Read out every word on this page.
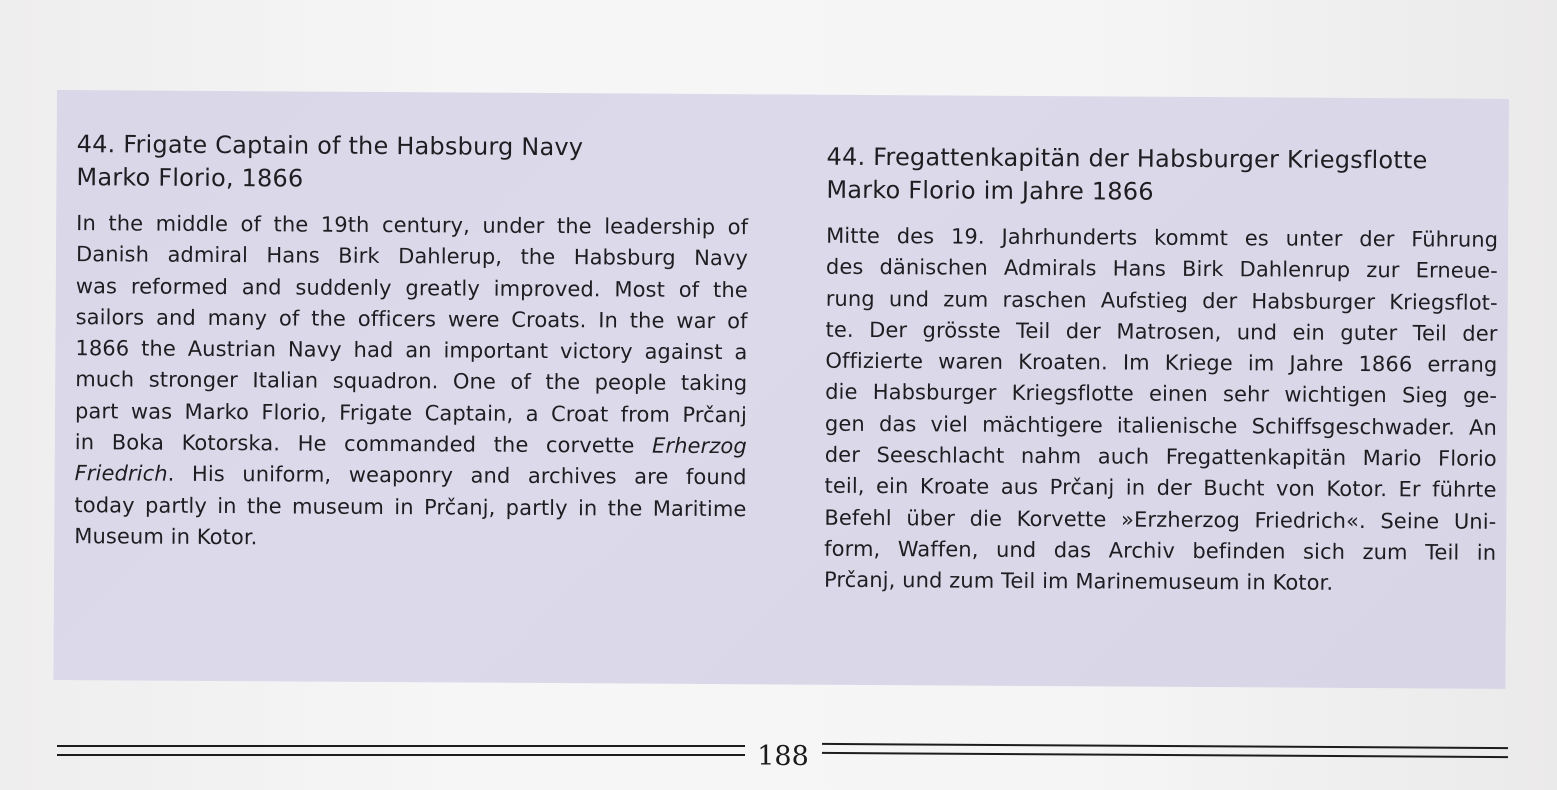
44. Frigate Captain of the Habsburg Navy
Marko Florio, 1866

In the middle of the 19th century, under the leadership of
Danish admiral Hans Birk Dahlerup, the Habsburg Navy
was reformed and suddenly greatly improved. Most of the
sailors and many of the officers were Croats. In the war of
1866 the Austrian Navy had an important victory against a
much stronger Italian squadron. One of the people taking
part was Marko Florio, Frigate Captain, a Croat from Prčanj
in Boka Kotorska. He commanded the corvette Erherzog
Friedrich. His uniform, weaponry and archives are found
today partly in the museum in Prčanj, partly in the Maritime
Museum in Kotor.

44. Fregattenkapitän der Habsburger Kriegsflotte
Marko Florio im Jahre 1866

Mitte des 19. Jahrhunderts kommt es unter der Führung
des dänischen Admirals Hans Birk Dahlenrup zur Erneue-
rung und zum raschen Aufstieg der Habsburger Kriegsflot-
te. Der grösste Teil der Matrosen, und ein guter Teil der
Offizierte waren Kroaten. Im Kriege im Jahre 1866 errang
die Habsburger Kriegsflotte einen sehr wichtigen Sieg ge-
gen das viel mächtigere italienische Schiffsgeschwader. An
der Seeschlacht nahm auch Fregattenkapitän Mario Florio
teil, ein Kroate aus Prčanj in der Bucht von Kotor. Er führte
Befehl über die Korvette »Erzherzog Friedrich«. Seine Uni-
form, Waffen, und das Archiv befinden sich zum Teil in
Prčanj, und zum Teil im Marinemuseum in Kotor.

188
